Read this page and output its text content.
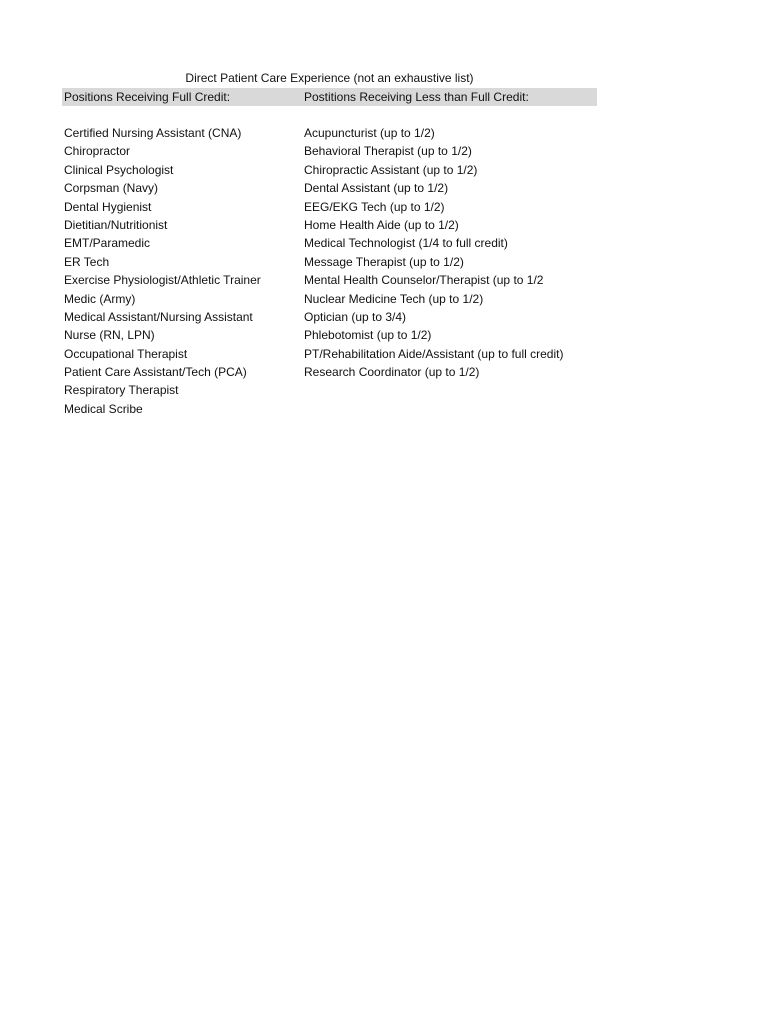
Direct Patient Care Experience (not an exhaustive list)
Positions Receiving Full Credit:	Postitions Receiving Less than Full Credit:
Certified Nursing Assistant (CNA)
Chiropractor
Clinical Psychologist
Corpsman (Navy)
Dental Hygienist
Dietitian/Nutritionist
EMT/Paramedic
ER Tech
Exercise Physiologist/Athletic Trainer
Medic (Army)
Medical Assistant/Nursing Assistant
Nurse (RN, LPN)
Occupational Therapist
Patient Care Assistant/Tech (PCA)
Respiratory Therapist
Medical Scribe
Acupuncturist (up to 1/2)
Behavioral Therapist (up to 1/2)
Chiropractic Assistant (up to 1/2)
Dental Assistant (up to 1/2)
EEG/EKG Tech (up to 1/2)
Home Health Aide (up to 1/2)
Medical Technologist (1/4 to full credit)
Message Therapist (up to 1/2)
Mental Health Counselor/Therapist (up to 1/2
Nuclear Medicine Tech (up to 1/2)
Optician (up to 3/4)
Phlebotomist (up to 1/2)
PT/Rehabilitation Aide/Assistant (up to full credit)
Research Coordinator (up to 1/2)
